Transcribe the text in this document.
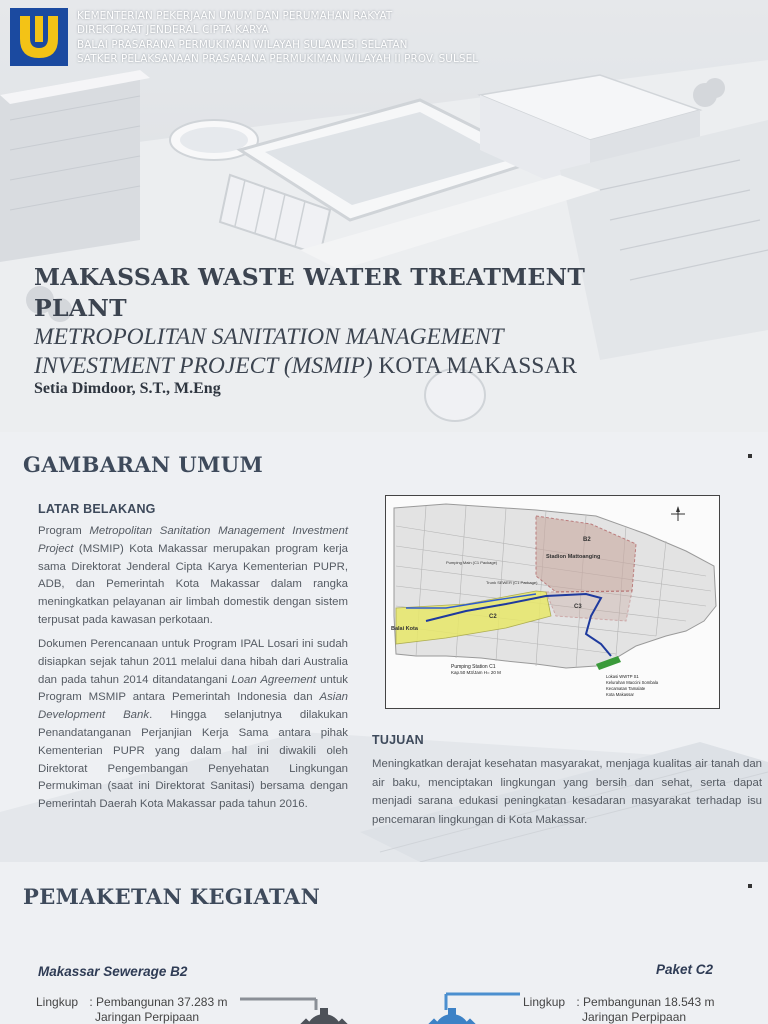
KEMENTERIAN PEKERJAAN UMUM DAN PERUMAHAN RAKYAT
DIREKTORAT JENDERAL CIPTA KARYA
BALAI PRASARANA PERMUKIMAN WILAYAH SULAWESI SELATAN
SATKER PELAKSANAAN PRASARANA PERMUKIMAN WILAYAH II PROV. SULSEL
MAKASSAR WASTE WATER TREATMENT PLANT
METROPOLITAN SANITATION MANAGEMENT INVESTMENT PROJECT (MSMIP) KOTA MAKASSAR
Setia Dimdoor, S.T., M.Eng
GAMBARAN UMUM
LATAR BELAKANG
Program Metropolitan Sanitation Management Investment Project (MSMIP) Kota Makassar merupakan program kerja sama Direktorat Jenderal Cipta Karya Kementerian PUPR, ADB, dan Pemerintah Kota Makassar dalam rangka meningkatkan pelayanan air limbah domestik dengan sistem terpusat pada kawasan perkotaan.
Dokumen Perencanaan untuk Program IPAL Losari ini sudah disiapkan sejak tahun 2011 melalui dana hibah dari Australia dan pada tahun 2014 ditandatangani Loan Agreement untuk Program MSMIP antara Pemerintah Indonesia dan Asian Development Bank. Hingga selanjutnya dilakukan Penandatanganan Perjanjian Kerja Sama antara pihak Kementerian PUPR yang dalam hal ini diwakili oleh Direktorat Pengembangan Penyehatan Lingkungan Permukiman (saat ini Direktorat Sanitasi) bersama dengan Pemerintah Daerah Kota Makassar pada tahun 2016.
B2
Stadion Mattoanging
C2
C3
Balai Kota
Pumping Main (C1 Package)
Trunk SEWER (C1 Package)
Pumping Station C1
Kap.50 M3/Jam H= 20 M
Lokasi WWTP S1
Kelurahan Maccini Sombala
Kecamatan Tamalate
Kota Makassar
TUJUAN
Meningkatkan derajat kesehatan masyarakat, menjaga kualitas air tanah dan air baku, menciptakan lingkungan yang bersih dan sehat, serta dapat menjadi sarana edukasi peningkatan kesadaran masyarakat terhadap isu pencemaran lingkungan di Kota Makassar.
PEMAKETAN KEGIATAN
Makassar Sewerage B2	Paket C2
Lingkup : Pembangunan 37.283 m
Jaringan Perpipaan
Lingkup : Pembangunan 18.543 m
Jaringan Perpipaan
